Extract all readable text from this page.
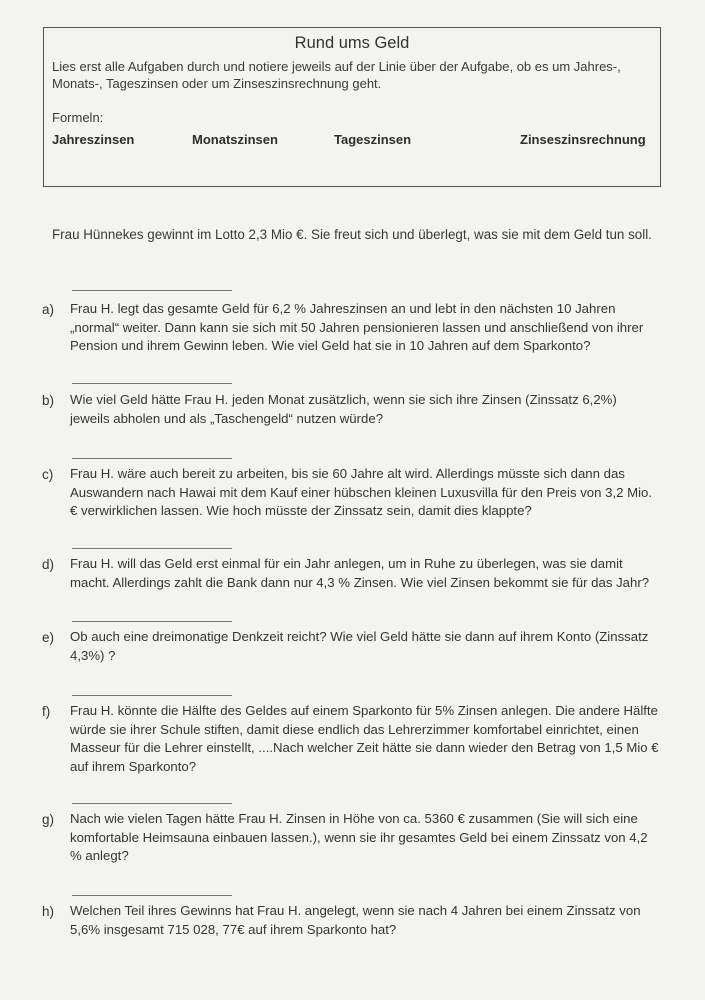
Rund ums Geld
Lies erst alle Aufgaben durch und notiere jeweils auf der Linie über der Aufgabe, ob es um Jahres-, Monats-, Tageszinsen oder um Zinseszinsrechnung geht.
Formeln:
Jahreszinsen	Monatszinsen	Tageszinsen	Zinseszinsrechnung
Frau Hünnekes gewinnt im Lotto 2,3 Mio €. Sie freut sich und überlegt, was sie mit dem Geld tun soll.
a) Frau H. legt das gesamte Geld für 6,2 % Jahreszinsen an und lebt in den nächsten 10 Jahren „normal“ weiter. Dann kann sie sich mit 50 Jahren pensionieren lassen und anschließend von ihrer Pension und ihrem Gewinn leben. Wie viel Geld hat sie in 10 Jahren auf dem Sparkonto?
b) Wie viel Geld hätte Frau H. jeden Monat zusätzlich, wenn sie sich ihre Zinsen (Zinssatz 6,2%) jeweils abholen und als „Taschengeld“ nutzen würde?
c) Frau H. wäre auch bereit zu arbeiten, bis sie 60 Jahre alt wird. Allerdings müsste sich dann das Auswandern nach Hawai mit dem Kauf einer hübschen kleinen Luxusvilla für den Preis von 3,2 Mio. € verwirklichen lassen. Wie hoch müsste der Zinssatz sein, damit dies klappte?
d) Frau H. will das Geld erst einmal für ein Jahr anlegen, um in Ruhe zu überlegen, was sie damit macht. Allerdings zahlt die Bank dann nur 4,3 % Zinsen. Wie viel Zinsen bekommt sie für das Jahr?
e) Ob auch eine dreimonatige Denkzeit reicht? Wie viel Geld hätte sie dann auf ihrem Konto (Zinssatz 4,3%) ?
f) Frau H. könnte die Hälfte des Geldes auf einem Sparkonto für 5% Zinsen anlegen. Die andere Hälfte würde sie ihrer Schule stiften, damit diese endlich das Lehrerzimmer komfortabel einrichtet, einen Masseur für die Lehrer einstellt, ....Nach welcher Zeit hätte sie dann wieder den Betrag von 1,5 Mio € auf ihrem Sparkonto?
g) Nach wie vielen Tagen hätte Frau H. Zinsen in Höhe von ca. 5360 € zusammen (Sie will sich eine komfortable Heimsauna einbauen lassen.), wenn sie ihr gesamtes Geld bei einem Zinssatz von 4,2 % anlegt?
h) Welchen Teil ihres Gewinns hat Frau H. angelegt, wenn sie nach 4 Jahren bei einem Zinssatz von 5,6% insgesamt 715 028, 77€ auf ihrem Sparkonto hat?
